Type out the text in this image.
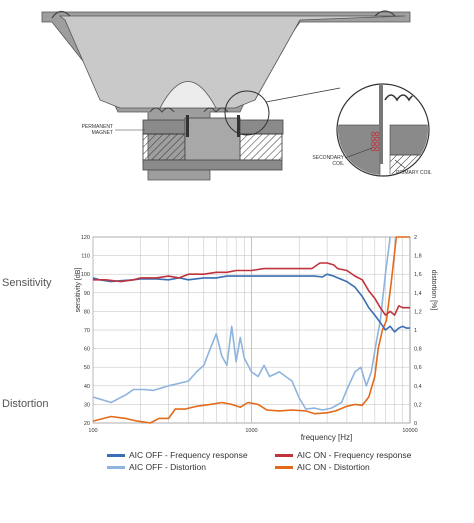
PERMANENT MAGNET
SECONDARY COIL
PRIMARY COIL
Sensitivity
Distortion
20
30
40
50
60
70
80
90
100
110
120
0
0,2
0,4
0,6
0,8
1
1,2
1,4
1,6
1,8
2
100	1000	10000
frequency [Hz]
sensitivity [dB]	distortion [%]
AIC OFF - Frequency response	AIC ON - Frequency response
AIC OFF - Distortion	AIC ON - Distortion
